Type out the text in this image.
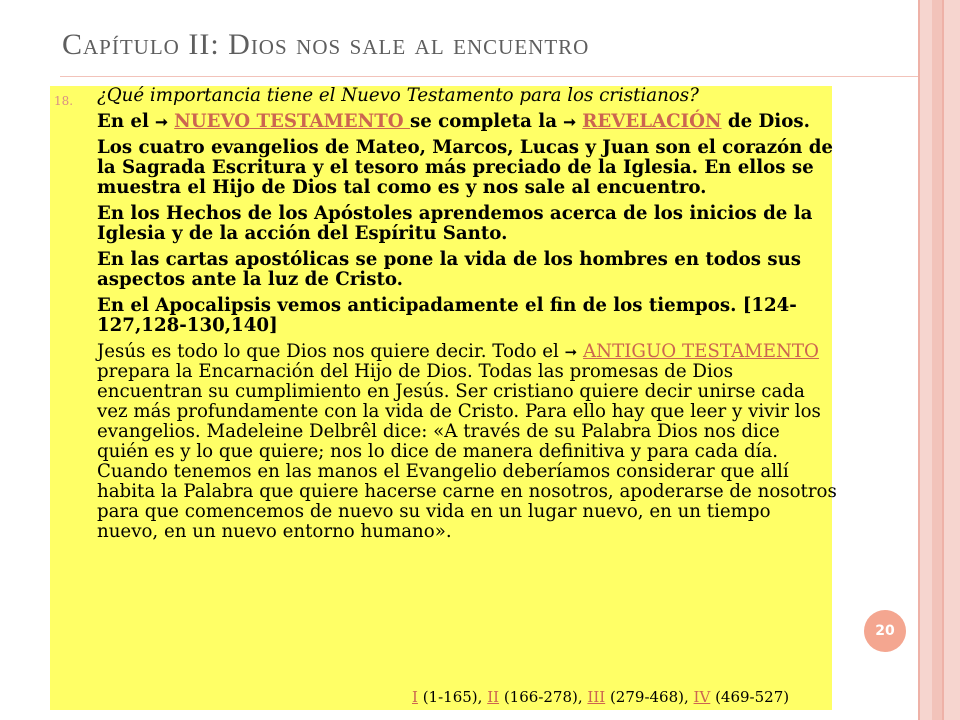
Capítulo II: Dios nos sale al encuentro
18. ¿Qué importancia tiene el Nuevo Testamento para los cristianos?
En el ➞ NUEVO TESTAMENTO se completa la ➞ REVELACIÓN de Dios.
Los cuatro evangelios de Mateo, Marcos, Lucas y Juan son el corazón de la Sagrada Escritura y el tesoro más preciado de la Iglesia. En ellos se muestra el Hijo de Dios tal como es y nos sale al encuentro.
En los Hechos de los Apóstoles aprendemos acerca de los inicios de la Iglesia y de la acción del Espíritu Santo.
En las cartas apostólicas se pone la vida de los hombres en todos sus aspectos ante la luz de Cristo.
En el Apocalipsis vemos anticipadamente el fin de los tiempos. [124-127,128-130,140]
Jesús es todo lo que Dios nos quiere decir. Todo el ➞ ANTIGUO TESTAMENTO prepara la Encarnación del Hijo de Dios. Todas las promesas de Dios encuentran su cumplimiento en Jesús. Ser cristiano quiere decir unirse cada vez más profundamente con la vida de Cristo. Para ello hay que leer y vivir los evangelios. Madeleine Delbrêl dice: «A través de su Palabra Dios nos dice quién es y lo que quiere; nos lo dice de manera definitiva y para cada día. Cuando tenemos en las manos el Evangelio deberíamos considerar que allí habita la Palabra que quiere hacerse carne en nosotros, apoderarse de nosotros para que comencemos de nuevo su vida en un lugar nuevo, en un tiempo nuevo, en un nuevo entorno humano».
I (1-165), II (166-278), III (279-468), IV (469-527)
20
